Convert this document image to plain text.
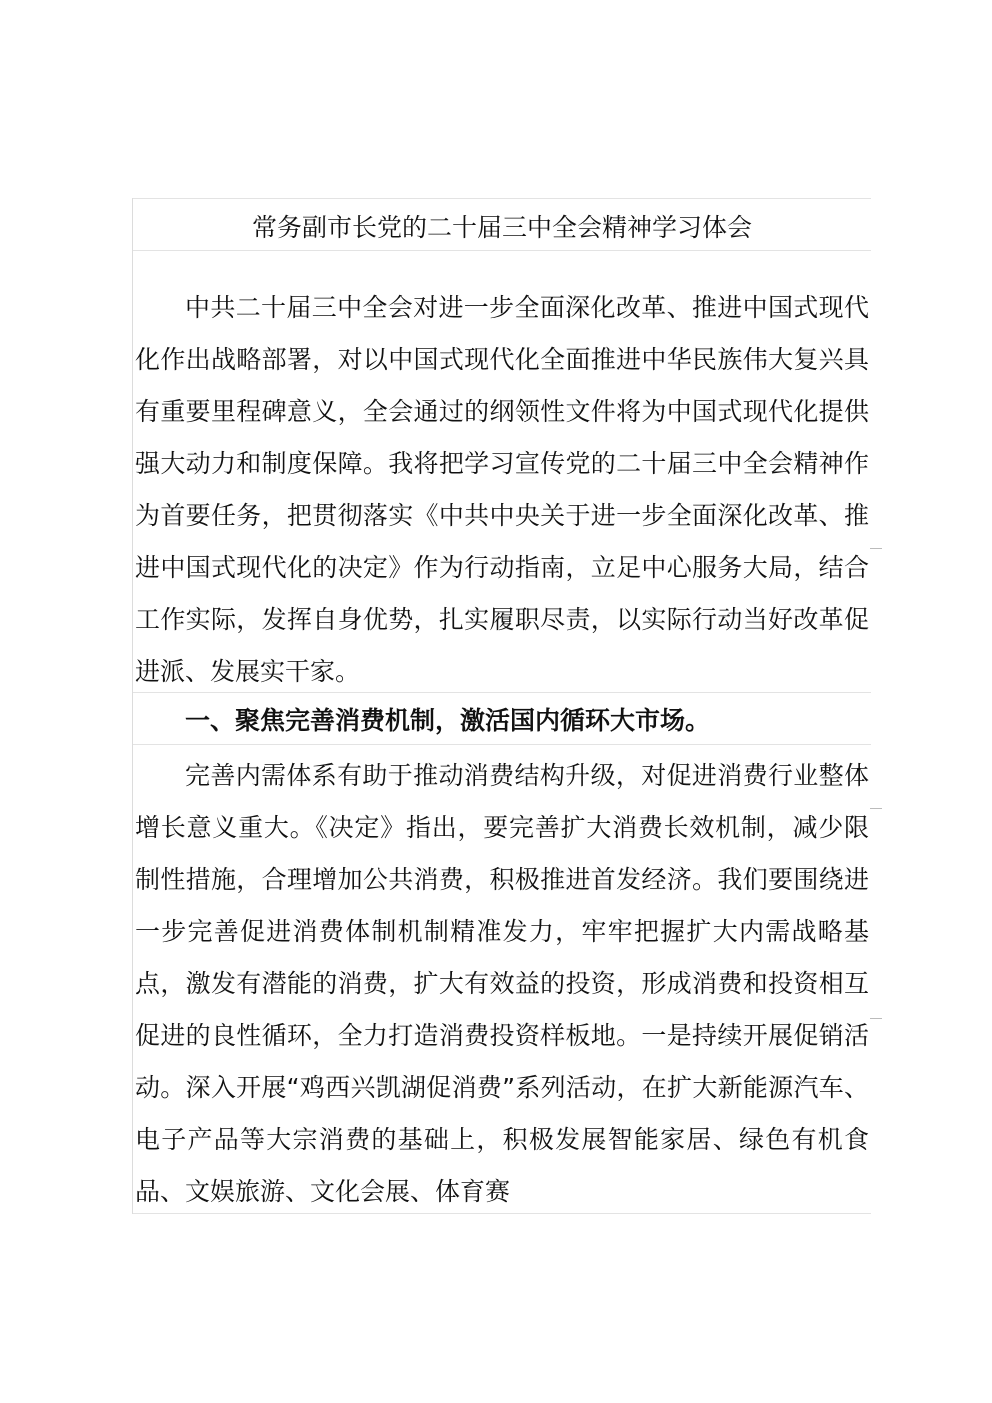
常务副市长党的二十届三中全会精神学习体会

中共二十届三中全会对进一步全面深化改革、推进中国式现代化作出战略部署，对以中国式现代化全面推进中华民族伟大复兴具有重要里程碑意义，全会通过的纲领性文件将为中国式现代化提供强大动力和制度保障。我将把学习宣传党的二十届三中全会精神作为首要任务，把贯彻落实《中共中央关于进一步全面深化改革、推进中国式现代化的决定》作为行动指南，立足中心服务大局，结合工作实际，发挥自身优势，扎实履职尽责，以实际行动当好改革促进派、发展实干家。

一、聚焦完善消费机制，激活国内循环大市场。

完善内需体系有助于推动消费结构升级，对促进消费行业整体增长意义重大。《决定》指出，要完善扩大消费长效机制，减少限制性措施，合理增加公共消费，积极推进首发经济。我们要围绕进一步完善促进消费体制机制精准发力，牢牢把握扩大内需战略基点，激发有潜能的消费，扩大有效益的投资，形成消费和投资相互促进的良性循环，全力打造消费投资样板地。一是持续开展促销活动。深入开展“鸡西兴凯湖促消费”系列活动，在扩大新能源汽车、电子产品等大宗消费的基础上，积极发展智能家居、绿色有机食品、文娱旅游、文化会展、体育赛
